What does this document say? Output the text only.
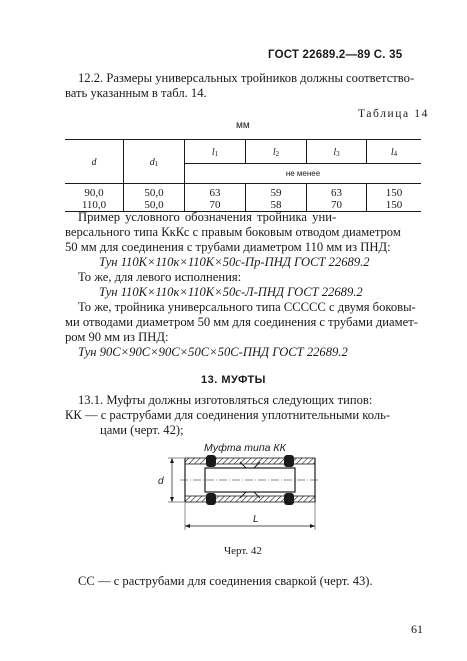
ГОСТ 22689.2—89 С. 35
12.2. Размеры универсальных тройников должны соответство-
вать указанным в табл. 14.
Таблица 14
мм
d	d1	l1	l2	l3	l4
		не менее			
90,0	50,0	63	59	63	150
110,0	50,0	70	58	70	150
Пример условного обозначения тройника уни-
версального типа КкКс с правым боковым отводом диаметром
50 мм для соединения с трубами диаметром 110 мм из ПНД:
Тун 110К×110к×110К×50с-Пр-ПНД ГОСТ 22689.2
То же, для левого исполнения:
Тун 110К×110к×110К×50с-Л-ПНД ГОСТ 22689.2
То же, тройника универсального типа СССCC с двумя боковы-
ми отводами диаметром 50 мм для соединения с трубами диамет-
ром 90 мм из ПНД:
Тун 90С×90С×90С×50С×50С-ПНД ГОСТ 22689.2
13. МУФТЫ
13.1. Муфты должны изготовляться следующих типов:
КК — с раструбами для соединения уплотнительными коль-
цами (черт. 42);
Муфта типа КК
d
L
Черт. 42
СС — с раструбами для соединения сваркой (черт. 43).
61
